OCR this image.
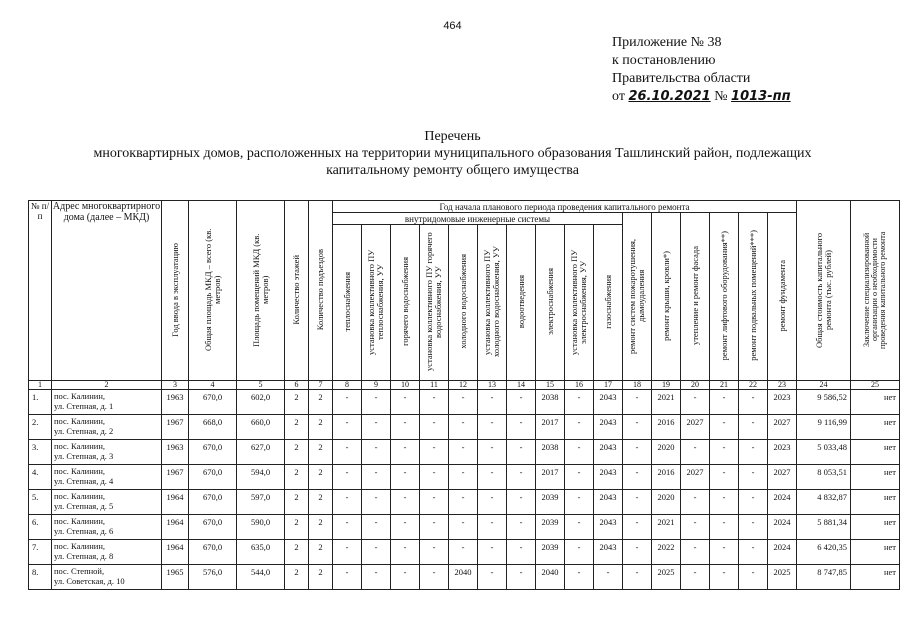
464
Приложение № 38
к постановлению
Правительства области
от 26.10.2021 № 1013-пп
Перечень
многоквартирных домов, расположенных на территории муниципального образования Ташлинский район, подлежащих
капитальному ремонту общего имущества
№ п/п	Адрес многоквартирного дома (далее – МКД)	Год ввода в эксплуатацию	Общая площадь МКД – всего (кв. метров)	Площадь помещений МКД (кв. метров)	Количество этажей	Количество подъездов	Год начала планового периода проведения капитального ремонта																Общая стоимость капитального ремонта (тыс. рублей)	Заключение специализированной организации о необходимости проведения капитального ремонта
							внутридомовые инженерные системы										ремонт систем пожаротушения, дымоудаления	ремонт крыши, кровли*)	утепление и ремонт фасада	ремонт лифтового оборудования**)	ремонт подвальных помещений***)	ремонт фундамента		
							теплоснабжения	установка коллективного ПУ теплоснабжения, УУ	горячего водоснабжения	установка коллективного ПУ горячего водоснабжения, УУ	холодного водоснабжения	установка коллективного ПУ холодного водоснабжения, УУ	водоотведения	электроснабжения	установка коллективного ПУ электроснабжения, УУ	газоснабжения								
1	2	3	4	5	6	7	8	9	10	11	12	13	14	15	16	17	18	19	20	21	22	23	24	25
1.	пос. Калинин,
ул. Степная, д. 1	1963	670,0	602,0	2	2	-	-	-	-	-	-	-	2038	-	2043	-	2021	-	-	-	2023	9 586,52	нет
2.	пос. Калинин,
ул. Степная, д. 2	1967	668,0	660,0	2	2	-	-	-	-	-	-	-	2017	-	2043	-	2016	2027	-	-	2027	9 116,99	нет
3.	пос. Калинин,
ул. Степная, д. 3	1963	670,0	627,0	2	2	-	-	-	-	-	-	-	2038	-	2043	-	2020	-	-	-	2023	5 033,48	нет
4.	пос. Калинин,
ул. Степная, д. 4	1967	670,0	594,0	2	2	-	-	-	-	-	-	-	2017	-	2043	-	2016	2027	-	-	2027	8 053,51	нет
5.	пос. Калинин,
ул. Степная, д. 5	1964	670,0	597,0	2	2	-	-	-	-	-	-	-	2039	-	2043	-	2020	-	-	-	2024	4 832,87	нет
6.	пос. Калинин,
ул. Степная, д. 6	1964	670,0	590,0	2	2	-	-	-	-	-	-	-	2039	-	2043	-	2021	-	-	-	2024	5 881,34	нет
7.	пос. Калинин,
ул. Степная, д. 8	1964	670,0	635,0	2	2	-	-	-	-	-	-	-	2039	-	2043	-	2022	-	-	-	2024	6 420,35	нет
8.	пос. Степной,
ул. Советская, д. 10	1965	576,0	544,0	2	2	-	-	-	-	2040	-	-	2040	-	-	-	2025	-	-	-	2025	8 747,85	нет
